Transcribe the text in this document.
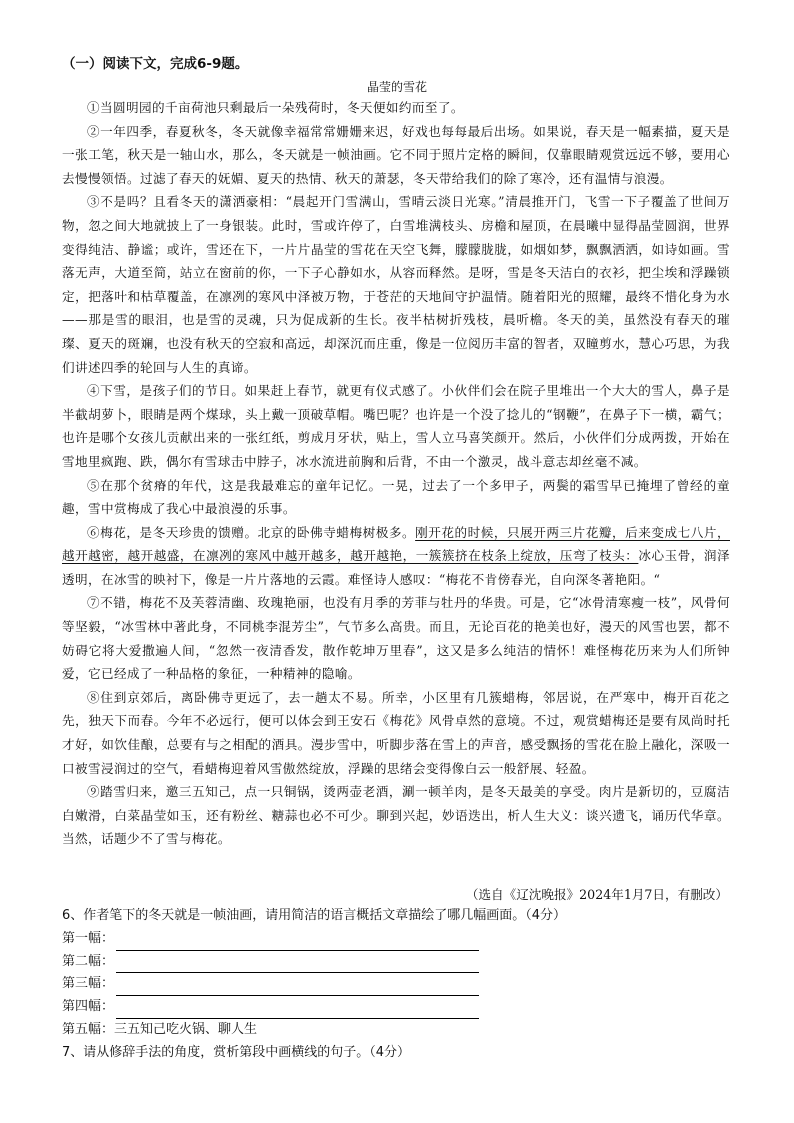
（一）阅读下文，完成6-9题。
晶莹的雪花

①当圆明园的千亩荷池只剩最后一朵残荷时，冬天便如约而至了。

②一年四季，春夏秋冬，冬天就像幸福常常姗姗来迟，好戏也每每最后出场。如果说，春天是一幅素描，夏天是一张工笔，秋天是一轴山水，那么，冬天就是一帧油画。它不同于照片定格的瞬间，仅靠眼睛观赏远远不够，要用心去慢慢领悟。过滤了春天的妩媚、夏天的热情、秋天的萧瑟，冬天带给我们的除了寒冷，还有温情与浪漫。

③不是吗？且看冬天的潇洒豪相：“晨起开门雪满山，雪晴云淡日光寒。”清晨推开门，飞雪一下子覆盖了世间万物，忽之间大地就披上了一身银装。此时，雪或许停了，白雪堆满枝头、房檐和屋顶，在晨曦中显得晶莹圆润，世界变得纯洁、静谧；或许，雪还在下，一片片晶莹的雪花在天空飞舞，朦朦胧胧，如烟如梦，飘飘洒洒，如诗如画。雪落无声，大道至简，站立在窗前的你，一下子心静如水，从容而释然。是呀，雪是冬天洁白的衣衫，把尘埃和浮躁锁定，把落叶和枯草覆盖，在凛冽的寒风中泽被万物，于苍茫的天地间守护温情。随着阳光的照耀，最终不惜化身为水——那是雪的眼泪，也是雪的灵魂，只为促成新的生长。夜半枯树折残枝，晨听檐。冬天的美，虽然没有春天的璀璨、夏天的斑斓，也没有秋天的空寂和高远，却深沉而庄重，像是一位阅历丰富的智者，双瞳剪水，慧心巧思，为我们讲述四季的轮回与人生的真谛。

④下雪，是孩子们的节日。如果赶上春节，就更有仪式感了。小伙伴们会在院子里堆出一个大大的雪人，鼻子是半截胡萝卜，眼睛是两个煤球，头上戴一顶破草帽。嘴巴呢？也许是一个没了捻儿的“钢鞭”，在鼻子下一横，霸气；也许是哪个女孩儿贡献出来的一张红纸，剪成月牙状，贴上，雪人立马喜笑颜开。然后，小伙伴们分成两拨，开始在雪地里疯跑、跌，偶尔有雪球击中脖子，冰水流进前胸和后背，不由一个激灵，战斗意志却丝毫不减。

⑤在那个贫瘠的年代，这是我最难忘的童年记忆。一晃，过去了一个多甲子，两鬓的霜雪早已掩埋了曾经的童趣，雪中赏梅成了我心中最浪漫的乐事。

⑥梅花，是冬天珍贵的馈赠。北京的卧佛寺蜡梅树极多。刚开花的时候，只展开两三片花瓣，后来变成七八片，越开越密，越开越盛，在凛冽的寒风中越开越多，越开越艳，一簇簇挤在枝条上绽放，压弯了枝头：冰心玉骨，润泽透明，在冰雪的映衬下，像是一片片落地的云霞。难怪诗人感叹：“梅花不肯傍春光，自向深冬著艳阳。“

⑦不错，梅花不及芙蓉清幽、玫瑰艳丽，也没有月季的芳菲与牡丹的华贵。可是，它“冰骨清寒瘦一枝”，风骨何等坚毅，“冰雪林中著此身，不同桃李混芳尘”，气节多么高贵。而且，无论百花的艳美也好，漫天的风雪也罢，都不妨碍它将大爱撒遍人间，“忽然一夜清香发，散作乾坤万里春”，这又是多么纯洁的情怀！难怪梅花历来为人们所钟爱，它已经成了一种品格的象征，一种精神的隐喻。

⑧住到京郊后，离卧佛寺更远了，去一趟太不易。所幸，小区里有几簇蜡梅，邻居说，在严寒中，梅开百花之先，独天下而春。今年不必远行，便可以体会到王安石《梅花》风骨卓然的意境。不过，观赏蜡梅还是要有凤尚时托才好，如饮佳酿，总要有与之相配的酒具。漫步雪中，听脚步落在雪上的声音，感受飘扬的雪花在脸上融化，深吸一口被雪浸润过的空气，看蜡梅迎着风雪傲然绽放，浮躁的思绪会变得像白云一般舒展、轻盈。

⑨踏雪归来，邀三五知己，点一只铜锅，烫两壶老酒，涮一顿羊肉，是冬天最美的享受。肉片是新切的，豆腐洁白嫩滑，白菜晶莹如玉，还有粉丝、糖蒜也必不可少。聊到兴起，妙语迭出，析人生大义：谈兴遗飞，诵历代华章。当然，话题少不了雪与梅花。

（选自《辽沈晚报》2024年1月7日，有删改）
6、作者笔下的冬天就是一帧油画，请用简洁的语言概括文章描绘了哪几幅画面。（4分）
第一幅：
第二幅：
第三幅：
第四幅：
第五幅：三五知己吃火锅、聊人生
7、请从修辞手法的角度，赏析第段中画横线的句子。（4分）
